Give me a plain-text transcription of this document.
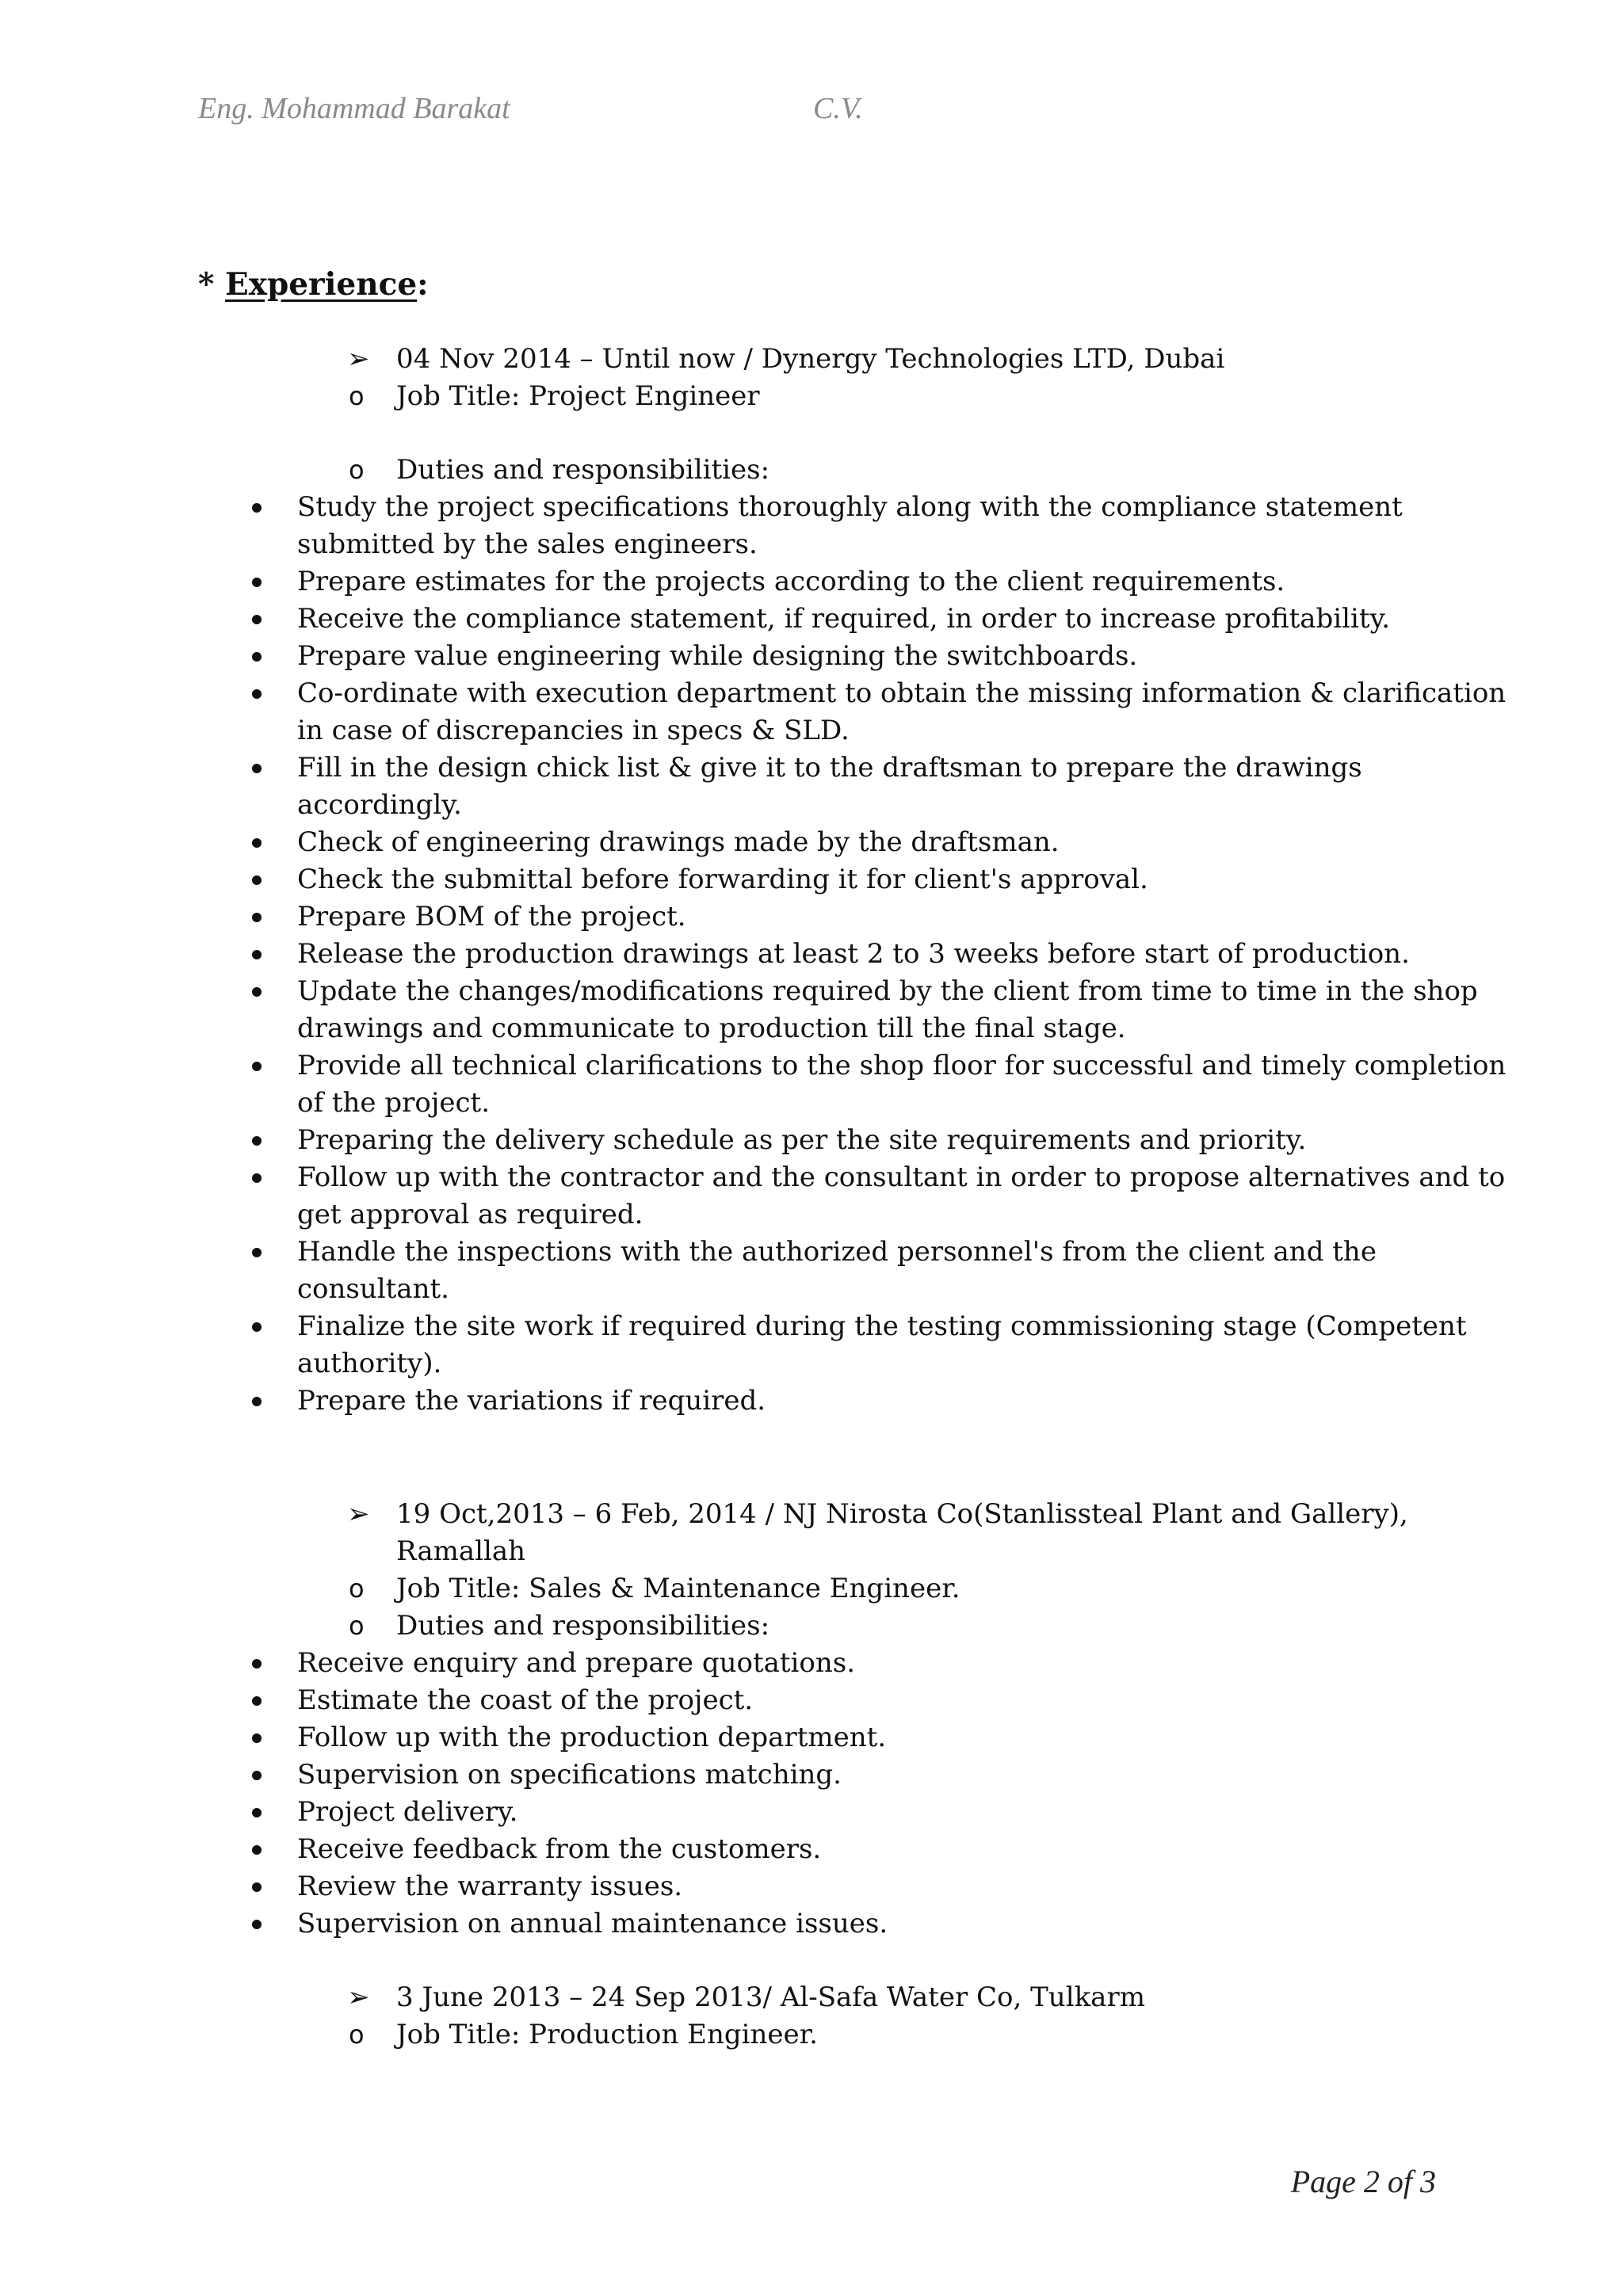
Eng. Mohammad Barakat	C.V.
* Experience:
➢ 04 Nov 2014 – Until now / Dynergy Technologies LTD, Dubai
o Job Title: Project Engineer
o Duties and responsibilities:
Study the project specifications thoroughly along with the compliance statement
submitted by the sales engineers.
Prepare estimates for the projects according to the client requirements.
Receive the compliance statement, if required, in order to increase profitability.
Prepare value engineering while designing the switchboards.
Co-ordinate with execution department to obtain the missing information & clarification
in case of discrepancies in specs & SLD.
Fill in the design chick list & give it to the draftsman to prepare the drawings
accordingly.
Check of engineering drawings made by the draftsman.
Check the submittal before forwarding it for client's approval.
Prepare BOM of the project.
Release the production drawings at least 2 to 3 weeks before start of production.
Update the changes/modifications required by the client from time to time in the shop
drawings and communicate to production till the final stage.
Provide all technical clarifications to the shop floor for successful and timely completion
of the project.
Preparing the delivery schedule as per the site requirements and priority.
Follow up with the contractor and the consultant in order to propose alternatives and to
get approval as required.
Handle the inspections with the authorized personnel's from the client and the
consultant.
Finalize the site work if required during the testing commissioning stage (Competent
authority).
Prepare the variations if required.
➢ 19 Oct,2013 – 6 Feb, 2014 / NJ Nirosta Co(Stanlissteal Plant and Gallery),
Ramallah
o Job Title: Sales & Maintenance Engineer.
o Duties and responsibilities:
Receive enquiry and prepare quotations.
Estimate the coast of the project.
Follow up with the production department.
Supervision on specifications matching.
Project delivery.
Receive feedback from the customers.
Review the warranty issues.
Supervision on annual maintenance issues.
➢ 3 June 2013 – 24 Sep 2013/ Al-Safa Water Co, Tulkarm
o Job Title: Production Engineer.
Page 2 of 3
